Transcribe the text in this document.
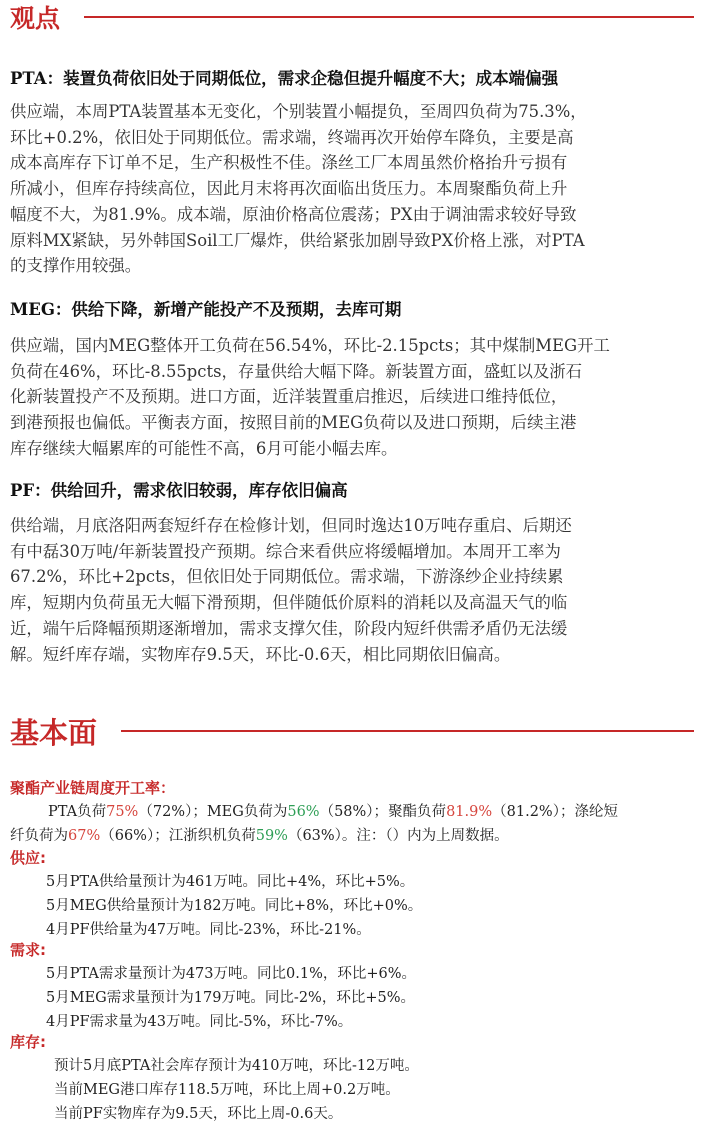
观点
PTA：装置负荷依旧处于同期低位，需求企稳但提升幅度不大；成本端偏强
供应端，本周PTA装置基本无变化，个别装置小幅提负，至周四负荷为75.3%，
环比+0.2%，依旧处于同期低位。需求端，终端再次开始停车降负，主要是高
成本高库存下订单不足，生产积极性不佳。涤丝工厂本周虽然价格抬升亏损有
所减小，但库存持续高位，因此月末将再次面临出货压力。本周聚酯负荷上升
幅度不大，为81.9%。成本端，原油价格高位震荡；PX由于调油需求较好导致
原料MX紧缺，另外韩国Soil工厂爆炸，供给紧张加剧导致PX价格上涨，对PTA
的支撑作用较强。
MEG：供给下降，新增产能投产不及预期，去库可期
供应端，国内MEG整体开工负荷在56.54%，环比-2.15pcts；其中煤制MEG开工
负荷在46%，环比-8.55pcts，存量供给大幅下降。新装置方面，盛虹以及浙石
化新装置投产不及预期。进口方面，近洋装置重启推迟，后续进口维持低位，
到港预报也偏低。平衡表方面，按照目前的MEG负荷以及进口预期，后续主港
库存继续大幅累库的可能性不高，6月可能小幅去库。
PF：供给回升，需求依旧较弱，库存依旧偏高
供给端，月底洛阳两套短纤存在检修计划，但同时逸达10万吨存重启、后期还
有中磊30万吨/年新装置投产预期。综合来看供应将缓幅增加。本周开工率为
67.2%，环比+2pcts，但依旧处于同期低位。需求端，下游涤纱企业持续累
库，短期内负荷虽无大幅下滑预期，但伴随低价原料的消耗以及高温天气的临
近，端午后降幅预期逐渐增加，需求支撑欠佳，阶段内短纤供需矛盾仍无法缓
解。短纤库存端，实物库存9.5天，环比-0.6天，相比同期依旧偏高。
基本面
聚酯产业链周度开工率：
PTA负荷75%（72%）；MEG负荷为56%（58%）；聚酯负荷81.9%（81.2%）；涤纶短
纤负荷为67%（66%）；江浙织机负荷59%（63%）。注：（）内为上周数据。
供应:
5月PTA供给量预计为461万吨。同比+4%，环比+5%。
5月MEG供给量预计为182万吨。同比+8%，环比+0%。
4月PF供给量为47万吨。同比-23%，环比-21%。
需求:
5月PTA需求量预计为473万吨。同比0.1%，环比+6%。
5月MEG需求量预计为179万吨。同比-2%，环比+5%。
4月PF需求量为43万吨。同比-5%，环比-7%。
库存:
预计5月底PTA社会库存预计为410万吨，环比-12万吨。
当前MEG港口库存118.5万吨，环比上周+0.2万吨。
当前PF实物库存为9.5天，环比上周-0.6天。
